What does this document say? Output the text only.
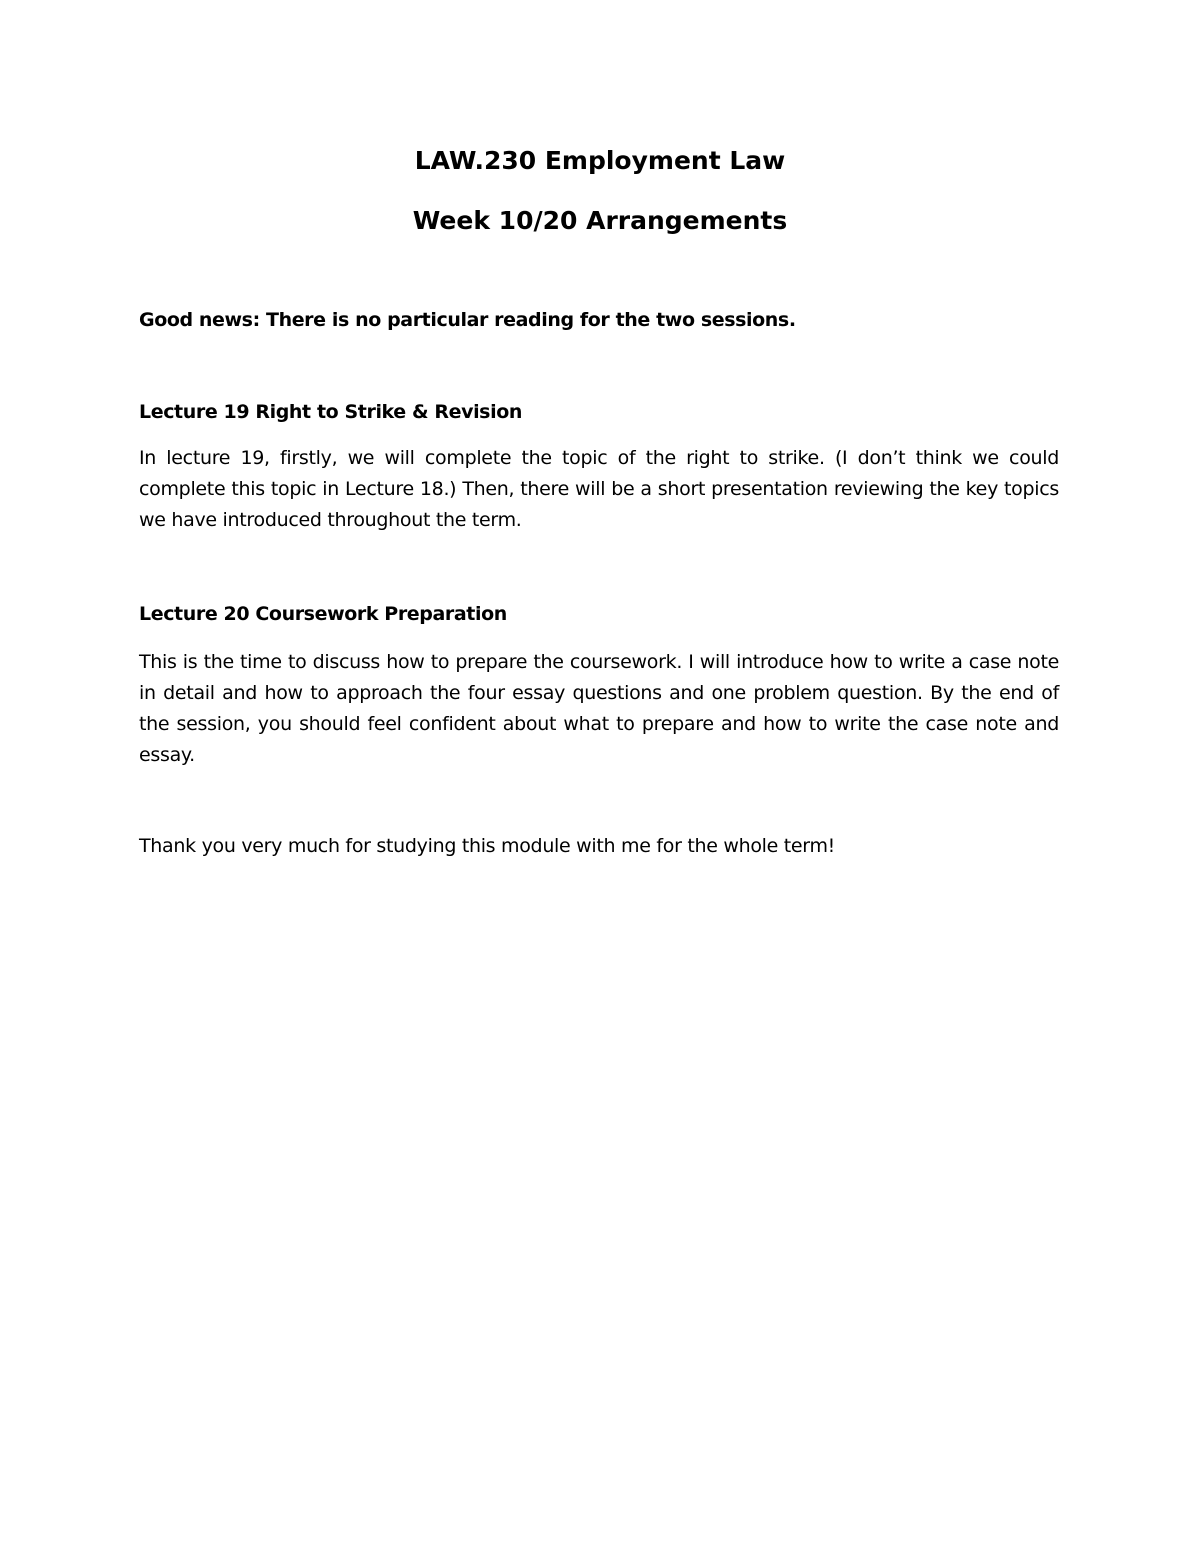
LAW.230 Employment Law
Week 10/20 Arrangements
Good news: There is no particular reading for the two sessions.
Lecture 19 Right to Strike & Revision
In lecture 19, firstly, we will complete the topic of the right to strike. (I don’t think we could complete this topic in Lecture 18.) Then, there will be a short presentation reviewing the key topics we have introduced throughout the term.
Lecture 20 Coursework Preparation
This is the time to discuss how to prepare the coursework. I will introduce how to write a case note in detail and how to approach the four essay questions and one problem question. By the end of the session, you should feel confident about what to prepare and how to write the case note and essay.
Thank you very much for studying this module with me for the whole term!
